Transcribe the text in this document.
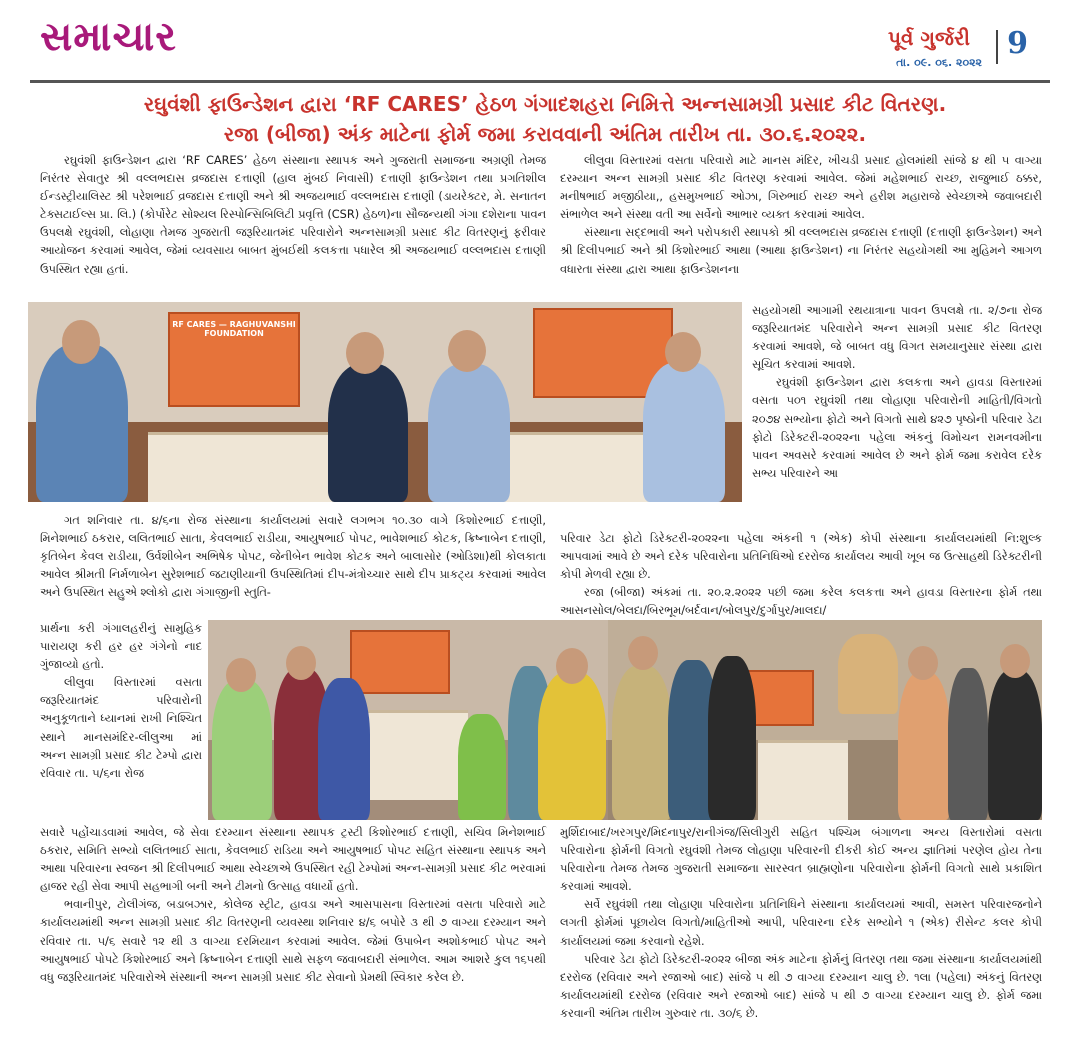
સમાચાર	પૂર્વ ગુર્જરી
તા. ૦૯. ૦૬. ૨૦૨૨
9
રઘુવંશી ફાઉન્ડેશન દ્વારા ‘RF CARES’ હેઠળ ગંગાદશહરા નિમિત્તે અન્નસામગ્રી પ્રસાદ કીટ વિતરણ.
રજા (બીજા) અંક માટેના ફોર્મ જમા કરાવવાની અંતિમ તારીખ તા. ૩૦.૬.૨૦૨૨.

રઘુવંશી ફાઉન્ડેશન દ્વારા ‘RF CARES’ હેઠળ સંસ્થાના સ્થાપક અને ગુજરાતી સમાજના અગ્રણી તેમજ નિરંતર સેવાતુર શ્રી વલ્લભદાસ વ્રજદાસ દત્તાણી (હાલ મુંબઈ નિવાસી) દત્તાણી ફાઉન્ડેશન તથા પ્રગતિશીલ ઈન્ડસ્ટ્રીયાલિસ્ટ શ્રી પરેશભાઈ વ્રજદાસ દત્તાણી અને શ્રી અજયભાઈ વલ્લભદાસ દત્તાણી (ડાયરેક્ટર, મે. સનાતન ટેક્સટાઈલ્સ પ્રા. લિ.) (કોર્પોરેટ સોશ્યલ રિસ્પોન્સિબિલિટી પ્રવૃત્તિ (CSR) હેઠળ)ના સૌજન્યથી ગંગા દશેરાના પાવન ઉપલક્ષે રઘુવંશી, લોહાણા તેમજ ગુજરાતી જરૂરિયાતમંદ પરિવારોને અન્નસામગ્રી પ્રસાદ કીટ વિતરણનું ફરીવાર આયોજન કરવામાં આવેલ, જેમાં વ્યવસાય બાબત મુંબઈથી કલકત્તા પધારેલ શ્રી અજયભાઈ વલ્લભદાસ દત્તાણી ઉપસ્થિત રહ્યા હતાં.

લીલુવા વિસ્તારમાં વસતા પરિવારો માટે માનસ મંદિર, ખીચડી પ્રસાદ હોલમાંથી સાંજે ૪ થી ૫ વાગ્યા દરમ્યાન અન્ન સામગ્રી પ્રસાદ કીટ વિતરણ કરવામાં આવેલ. જેમાં મહેશભાઈ રાચ્છ, રાજુભાઈ ઠક્કર, મનીષભાઈ મજીઠીયા,, હસમુખભાઈ ઓઝા, ગિરુભાઈ રાચ્છ અને હરીશ મહારાજે સ્વેચ્છાએ જવાબદારી સંભાળેલ અને સંસ્થા વતી આ સર્વેનો આભાર વ્યક્ત કરવામાં આવેલ.

સંસ્થાના સદ્દભાવી અને પરોપકારી સ્થાપકો શ્રી વલ્લભદાસ વ્રજદાસ દત્તાણી (દત્તાણી ફાઉન્ડેશન) અને શ્રી દિલીપભાઈ અને શ્રી કિશોરભાઈ આથા (આથા ફાઉન્ડેશન) ના નિરંતર સહયોગથી આ મુહિમને આગળ વધારતા સંસ્થા દ્વારા આથા ફાઉન્ડેશનના

RF CARES — RAGHUVANSHI FOUNDATION

સહયોગથી આગામી રથયાત્રાના પાવન ઉપલક્ષે તા. ૨/૭ના રોજ જરૂરિયાતમંદ પરિવારોને અન્ન સામગ્રી પ્રસાદ કીટ વિતરણ કરવામાં આવશે, જે બાબત વધુ વિગત સમયાનુસાર સંસ્થા દ્વારા સૂચિત કરવામાં આવશે.

રઘુવંશી ફાઉન્ડેશન દ્વારા કલકત્તા અને હાવડા વિસ્તારમાં વસતા ૫૦૧ રઘુવંશી તથા લોહાણા પરિવારોની માહિતી/વિગતો ૨૦૭૪ સભ્યોના ફોટો અને વિગતો સાથે ૪૨૭ પૃષ્ઠોની પરિવાર ડેટા ફોટો ડિરેક્ટરી-૨૦૨૨ના પહેલા અંકનું વિમોચન રામનવમીના પાવન અવસરે કરવામાં આવેલ છે અને ફોર્મ જમા કરાવેલ દરેક સભ્ય પરિવારને આ

ગત શનિવાર તા. ૪/૬ના રોજ સંસ્થાના કાર્યાલયમાં સવારે લગભગ ૧૦.૩૦ વાગે કિશોરભાઈ દત્તાણી, મિનેશભાઈ ઠકરાર, લલિતભાઈ સાતા, કેવલભાઈ રાડીયા, આયુષભાઈ પોપટ, ભાવેશભાઈ કોટક, ક્રિષ્નાબેન દત્તાણી, કૃતિબેન કેવલ રાડીયા, ઉર્વશીબેન અભિષેક પોપટ, જેનીબેન ભાવેશ કોટક અને બાલાસોર (ઓડિશા)થી કોલકાતા આવેલ શ્રીમતી નિર્મળાબેન સુરેશભાઈ જટાણીયાની ઉપસ્થિતિમાં દીપ-મંત્રોચ્ચાર સાથે દીપ પ્રાકટ્ય કરવામાં આવેલ અને ઉપસ્થિત સહુએ શ્લોકો દ્વારા ગંગાજીની સ્તુતિ-

પરિવાર ડેટા ફોટો ડિરેક્ટરી-૨૦૨૨ના પહેલા અંકની ૧ (એક) કોપી સંસ્થાના કાર્યાલયમાંથી નિ:શુલ્ક આપવામાં આવે છે અને દરેક પરિવારોના પ્રતિનિધિઓ દરરોજ કાર્યાલય આવી ખૂબ જ ઉત્સાહથી ડિરેક્ટરીની કોપી મેળવી રહ્યા છે.

રજા (બીજા) અંકમાં તા. ૨૦.૨.૨૦૨૨ પછી જમા કરેલ કલકત્તા અને હાવડા વિસ્તારના ફોર્મ તથા આસનસોલ/બેલદા/બિરભૂમ/બર્દવાન/બોલપુર/દુર્ગાપુર/માલદા/

પ્રાર્થના કરી ગંગાલહરીનું સામુહિક પારાયણ કરી હર હર ગંગેનો નાદ ગુંજાવ્યો હતો.

લીલુવા વિસ્તારમાં વસતા જરૂરિયાતમંદ પરિવારોની અનુકૂળતાને ધ્યાનમાં રાખી નિશ્ચિત સ્થાને માનસમંદિર-લીલુઆ માં અન્ન સામગ્રી પ્રસાદ કીટ ટેમ્પો દ્વારા રવિવાર તા. ૫/૬ના રોજ

સવારે પહોંચાડવામાં આવેલ, જે સેવા દરમ્યાન સંસ્થાના સ્થાપક ટ્રસ્ટી કિશોરભાઈ દત્તાણી, સચિવ મિનેશભાઈ ઠકરાર, સમિતિ સભ્યો લલિતભાઈ સાતા, કેવલભાઈ રાડિયા અને આયુષભાઈ પોપટ સહિત સંસ્થાના સ્થાપક અને આથા પરિવારના સ્વજન શ્રી દિલીપભાઈ આથા સ્વેચ્છાએ ઉપસ્થિત રહી ટેમ્પોમાં અન્ન-સામગ્રી પ્રસાદ કીટ ભરવામાં હાજર રહી સેવા આપી સહભાગી બની અને ટીમનો ઉત્સાહ વધાર્યો હતો.

ભવાનીપુર, ટોલીગંજ, બડાબઝાર, કોલેજ સ્ટ્રીટ, હાવડા અને આસપાસના વિસ્તારમાં વસતા પરિવારો માટે કાર્યાલયમાંથી અન્ન સામગ્રી પ્રસાદ કીટ વિતરણની વ્યવસ્થા શનિવાર ૪/૬ બપોરે ૩ થી ૭ વાગ્યા દરમ્યાન અને રવિવાર તા. ૫/૬ સવારે ૧૨ થી ૩ વાગ્યા દરમિયાન કરવામાં આવેલ. જેમાં ઉપાબેન અશોકભાઈ પોપટ અને આયુષભાઈ પોપટે કિશોરભાઈ અને ક્રિષ્નાબેન દત્તાણી સાથે સફળ જવાબદારી સંભાળેલ. આમ આશરે કુલ ૧૬૫થી વધુ જરૂરિયાતમંદ પરિવારોએ સંસ્થાની અન્ન સામગ્રી પ્રસાદ કીટ સેવાનો પ્રેમથી સ્વિકાર કરેલ છે.

મુર્શિદાબાદ/ખરગપુર/મિદનાપુર/રાનીગંજ/સિલીગુરી સહિત પશ્ચિમ બંગાળના અન્ય વિસ્તારોમાં વસતા પરિવારોના ફોર્મની વિગતો રઘુવંશી તેમજ લોહાણા પરિવારની દીકરી કોઈ અન્ય જ્ઞાતિમાં પરણેલ હોય તેના પરિવારોના તેમજ તેમજ ગુજરાતી સમાજના સારસ્વત બ્રાહ્મણોના પરિવારોના ફોર્મની વિગતો સાથે પ્રકાશિત કરવામાં આવશે.

સર્વે રઘુવંશી તથા લોહાણા પરિવારોના પ્રતિનિધિને સંસ્થાના કાર્યાલયમાં આવી, સમસ્ત પરિવારજનોને લગતી ફોર્મમાં પૂછાયેલ વિગતો/માહિતીઓ આપી, પરિવારના દરેક સભ્યોને ૧ (એક) રીસેન્ટ કલર કોપી કાર્યાલયમાં જમા કરવાનો રહેશે.

પરિવાર ડેટા ફોટો ડિરેક્ટરી-૨૦૨૨ બીજા અંક માટેના ફોર્મનું વિતરણ તથા જમા સંસ્થાના કાર્યાલયમાંથી દરરોજ (રવિવાર અને રજાઓ બાદ) સાંજે ૫ થી ૭ વાગ્યા દરમ્યાન ચાલુ છે. ૧લા (પહેલા) અંકનું વિતરણ કાર્યાલયમાંથી દરરોજ (રવિવાર અને રજાઓ બાદ) સાંજે ૫ થી ૭ વાગ્યા દરમ્યાન ચાલુ છે. ફોર્મ જમા કરવાની અંતિમ તારીખ ગુરુવાર તા. ૩૦/૬ છે.
